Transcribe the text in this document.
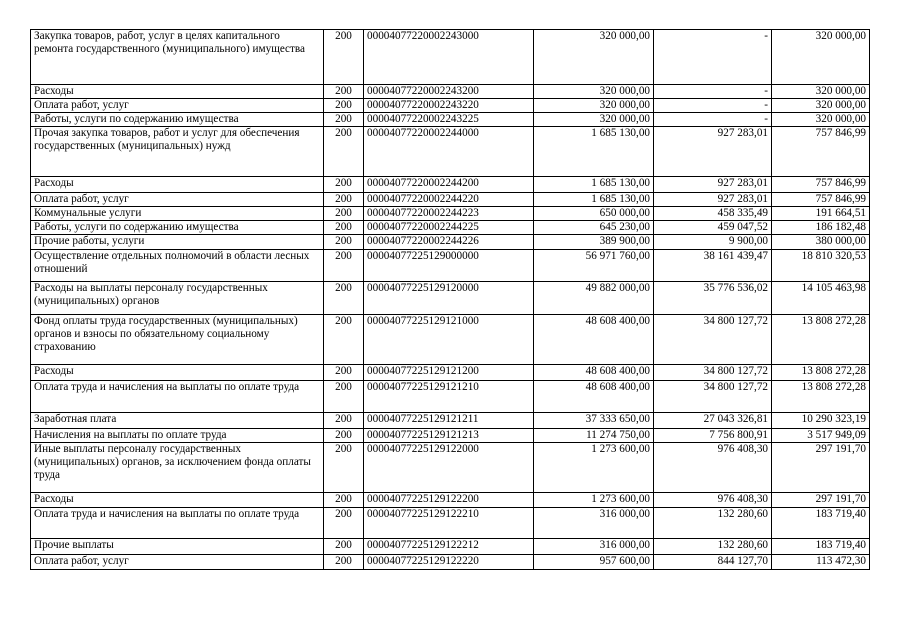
Закупка товаров, работ, услуг в целях капитального ремонта государственного (муниципального) имущества	200	00004077220002243000	320 000,00	-	320 000,00
Расходы	200	00004077220002243200	320 000,00	-	320 000,00
Оплата работ, услуг	200	00004077220002243220	320 000,00	-	320 000,00
Работы, услуги по содержанию имущества	200	00004077220002243225	320 000,00	-	320 000,00
Прочая закупка товаров, работ и услуг для обеспечения государственных (муниципальных) нужд	200	00004077220002244000	1 685 130,00	927 283,01	757 846,99
Расходы	200	00004077220002244200	1 685 130,00	927 283,01	757 846,99
Оплата работ, услуг	200	00004077220002244220	1 685 130,00	927 283,01	757 846,99
Коммунальные услуги	200	00004077220002244223	650 000,00	458 335,49	191 664,51
Работы, услуги по содержанию имущества	200	00004077220002244225	645 230,00	459 047,52	186 182,48
Прочие работы, услуги	200	00004077220002244226	389 900,00	9 900,00	380 000,00
Осуществление отдельных полномочий в области лесных отношений	200	00004077225129000000	56 971 760,00	38 161 439,47	18 810 320,53
Расходы на выплаты персоналу государственных (муниципальных) органов	200	00004077225129120000	49 882 000,00	35 776 536,02	14 105 463,98
Фонд оплаты труда государственных (муниципальных) органов и взносы по обязательному социальному страхованию	200	00004077225129121000	48 608 400,00	34 800 127,72	13 808 272,28
Расходы	200	00004077225129121200	48 608 400,00	34 800 127,72	13 808 272,28
Оплата труда и начисления на выплаты по оплате труда	200	00004077225129121210	48 608 400,00	34 800 127,72	13 808 272,28
Заработная плата	200	00004077225129121211	37 333 650,00	27 043 326,81	10 290 323,19
Начисления на выплаты по оплате труда	200	00004077225129121213	11 274 750,00	7 756 800,91	3 517 949,09
Иные выплаты персоналу государственных (муниципальных) органов, за исключением фонда оплаты труда	200	00004077225129122000	1 273 600,00	976 408,30	297 191,70
Расходы	200	00004077225129122200	1 273 600,00	976 408,30	297 191,70
Оплата труда и начисления на выплаты по оплате труда	200	00004077225129122210	316 000,00	132 280,60	183 719,40
Прочие выплаты	200	00004077225129122212	316 000,00	132 280,60	183 719,40
Оплата работ, услуг	200	00004077225129122220	957 600,00	844 127,70	113 472,30
